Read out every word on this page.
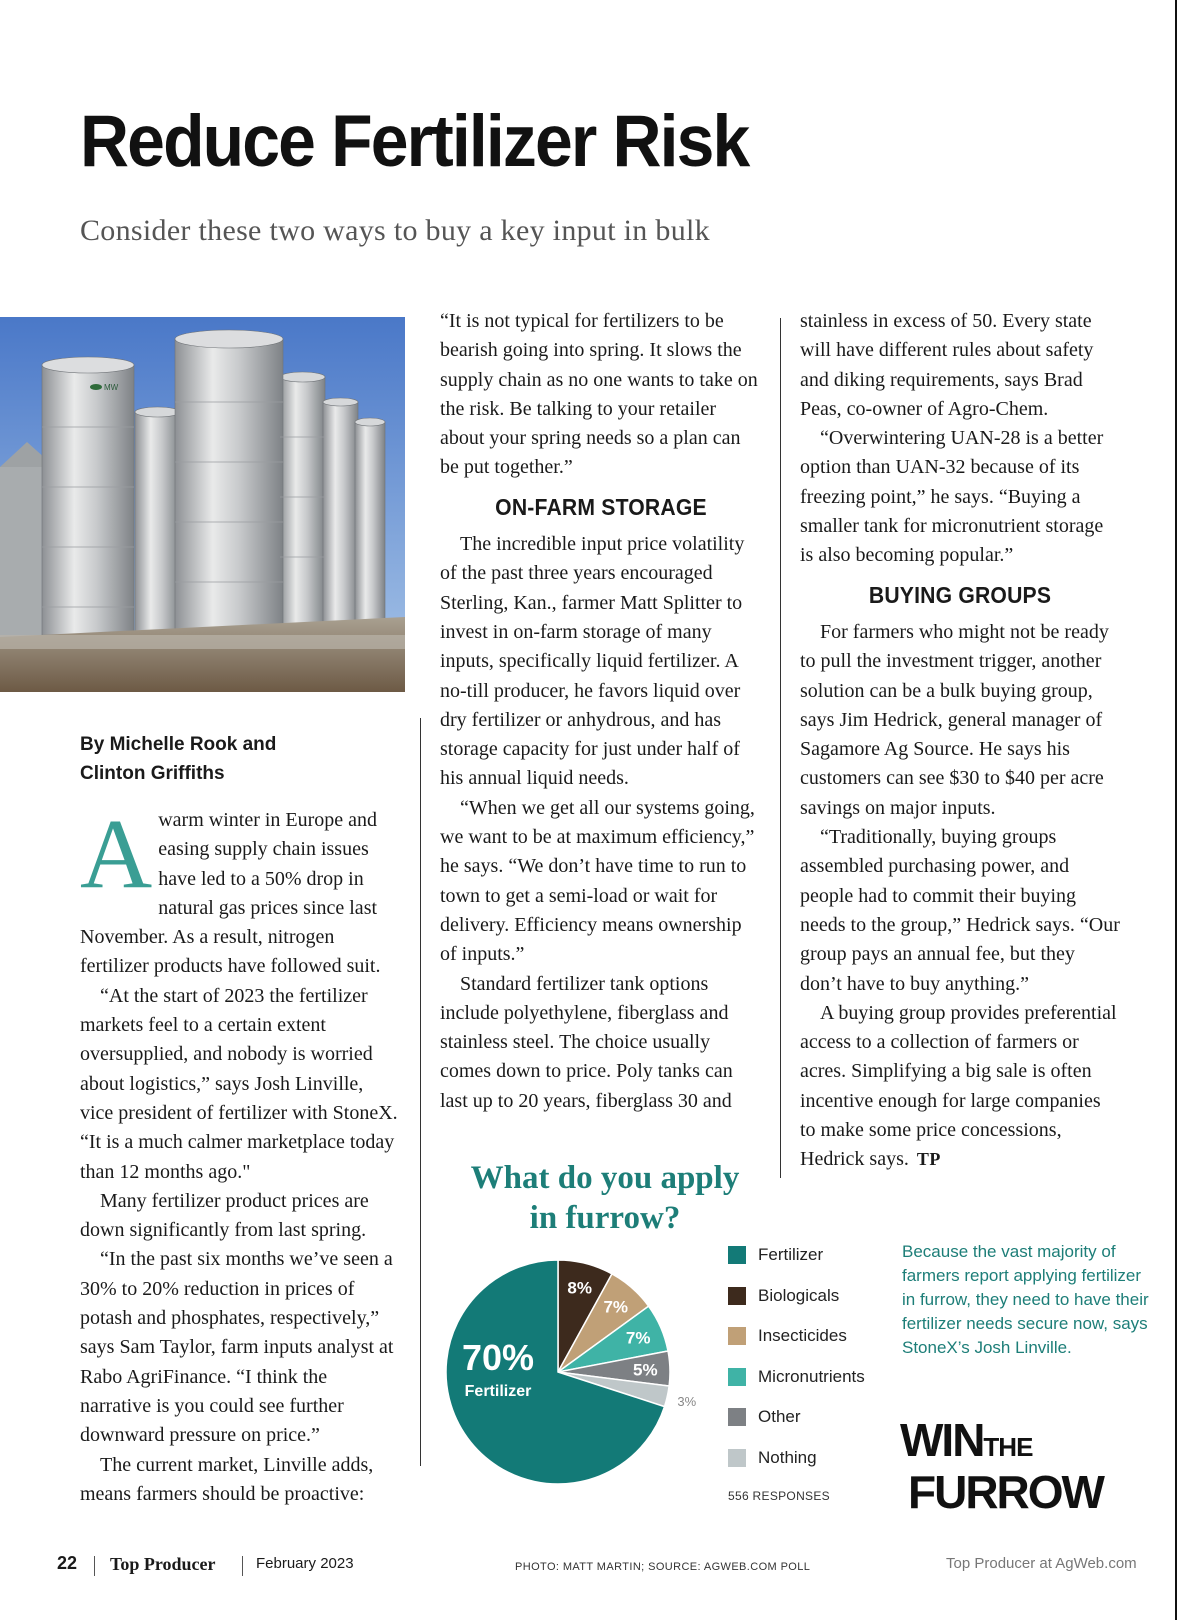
Reduce Fertilizer Risk
Consider these two ways to buy a key input in bulk
MW
By Michelle Rook and
Clinton Griffiths

Awarm winter in Europe and easing supply chain issues have led to a 50% drop in natural gas prices since last November. As a result, nitrogen fertilizer products have followed suit.

“At the start of 2023 the fertilizer markets feel to a certain extent oversupplied, and nobody is worried about logistics,” says Josh Linville, vice president of fertilizer with StoneX. “It is a much calmer marketplace today than 12 months ago."

Many fertilizer product prices are down significantly from last spring.

“In the past six months we’ve seen a 30% to 20% reduction in prices of potash and phosphates, respectively,” says Sam Taylor, farm inputs analyst at Rabo AgriFinance. “I think the narrative is you could see further downward pressure on price.”

The current market, Linville adds, means farmers should be proactive:

“It is not typical for fertilizers to be bearish going into spring. It slows the supply chain as no one wants to take on the risk. Be talking to your retailer about your spring needs so a plan can be put together.”

ON-FARM STORAGE

The incredible input price volatility of the past three years encouraged Sterling, Kan., farmer Matt Splitter to invest in on-farm storage of many inputs, specifically liquid fertilizer. A no-till producer, he favors liquid over dry fertilizer or anhydrous, and has storage capacity for just under half of his annual liquid needs.

“When we get all our systems going, we want to be at maximum efficiency,” he says. “We don’t have time to run to town to get a semi-load or wait for delivery. Efficiency means ownership of inputs.”

Standard fertilizer tank options include polyethylene, fiberglass and stainless steel. The choice usually comes down to price. Poly tanks can last up to 20 years, fiberglass 30 and

stainless in excess of 50. Every state will have different rules about safety and diking requirements, says Brad Peas, co-owner of Agro-Chem.

“Overwintering UAN-28 is a better option than UAN-32 because of its freezing point,” he says. “Buying a smaller tank for micronutrient storage is also becoming popular.”

BUYING GROUPS

For farmers who might not be ready to pull the investment trigger, another solution can be a bulk buying group, says Jim Hedrick, general manager of Sagamore Ag Source. He says his customers can see $30 to $40 per acre savings on major inputs.

“Traditionally, buying groups assembled purchasing power, and people had to commit their buying needs to the group,” Hedrick says. “Our group pays an annual fee, but they don’t have to buy anything.”

A buying group provides preferential access to a collection of farmers or acres. Simplifying a big sale is often incentive enough for large companies to make some price concessions, Hedrick says. TP

What do you apply
in furrow?
8%
7%
7%
5%
3%
70%
Fertilizer
Fertilizer
Biologicals
Insecticides
Micronutrients
Other
Nothing
556 RESPONSES
Because the vast majority of farmers report applying fertilizer in furrow, they need to have their fertilizer needs secure now, says StoneX’s Josh Linville.
WINTHE
FURROW
22 Top Producer	February 2023	PHOTO: MATT MARTIN; SOURCE: AGWEB.COM POLL	Top Producer at AgWeb.com
